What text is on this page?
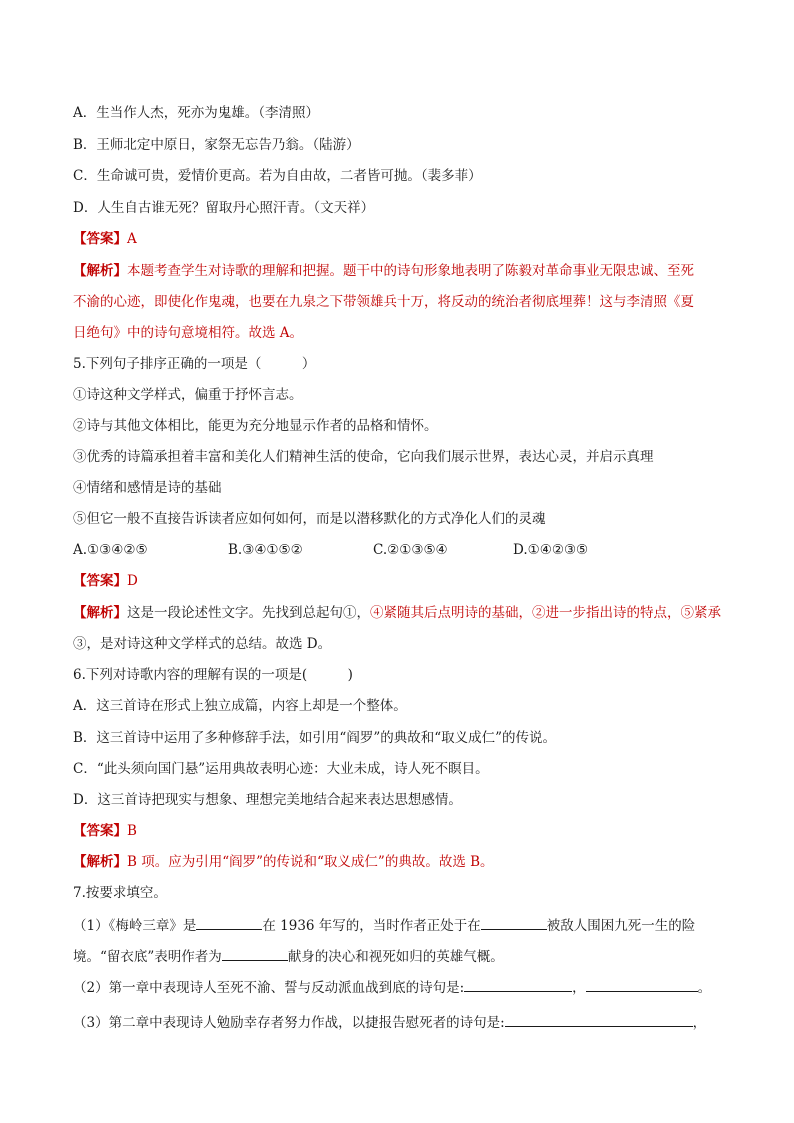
A．生当作人杰，死亦为鬼雄。（李清照）
B．王师北定中原日，家祭无忘告乃翁。（陆游）
C．生命诚可贵，爱情价更高。若为自由故，二者皆可抛。（裴多菲）
D．人生自古谁无死？留取丹心照汗青。（文天祥）
【答案】A
【解析】本题考查学生对诗歌的理解和把握。题干中的诗句形象地表明了陈毅对革命事业无限忠诚、至死
不渝的心迹，即使化作鬼魂，也要在九泉之下带领雄兵十万，将反动的统治者彻底埋葬！这与李清照《夏
日绝句》中的诗句意境相符。故选 A。
5.下列句子排序正确的一项是（　　　）
①诗这种文学样式，偏重于抒怀言志。
②诗与其他文体相比，能更为充分地显示作者的品格和情怀。
③优秀的诗篇承担着丰富和美化人们精神生活的使命，它向我们展示世界，表达心灵，并启示真理
④情绪和感情是诗的基础
⑤但它一般不直接告诉读者应如何如何，而是以潜移默化的方式净化人们的灵魂
A.①③④②⑤	B.③④①⑤②	C.②①③⑤④	D.①④②③⑤
【答案】D
【解析】这是一段论述性文字。先找到总起句①，④紧随其后点明诗的基础，②进一步指出诗的特点，⑤紧承
③，是对诗这种文学样式的总结。故选 D。
6.下列对诗歌内容的理解有误的一项是(　　　)
A．这三首诗在形式上独立成篇，内容上却是一个整体。
B．这三首诗中运用了多种修辞手法，如引用“阎罗”的典故和“取义成仁”的传说。
C．“此头须向国门悬”运用典故表明心迹：大业未成，诗人死不瞑目。
D．这三首诗把现实与想象、理想完美地结合起来表达思想感情。
【答案】B
【解析】B 项。应为引用“阎罗”的传说和“取义成仁”的典故。故选 B。
7.按要求填空。
（1）《梅岭三章》是	在 1936 年写的，当时作者正处于在	被敌人围困九死一生的险
境。“留衣底”表明作者为	献身的决心和视死如归的英雄气概。
（2）第一章中表现诗人至死不渝、誓与反动派血战到底的诗句是:	，	。
（3）第二章中表现诗人勉励幸存者努力作战，以捷报告慰死者的诗句是:	，
